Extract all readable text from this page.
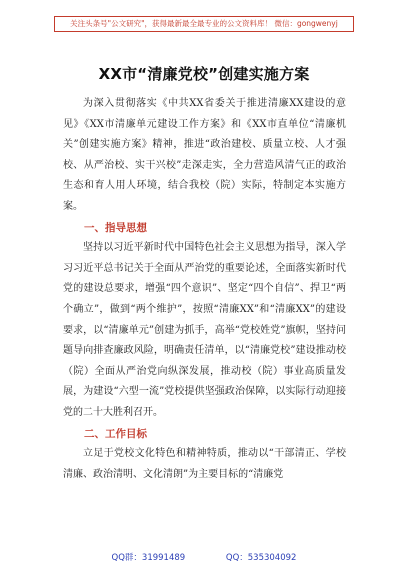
关注头条号"公文研究"，获得最新最全最专业的公文资料库！ 微信：gongwenyj
XX市“清廉党校”创建实施方案

为深入贯彻落实《中共XX省委关于推进清廉XX建设的意见》《XX市清廉单元建设工作方案》和《XX市直单位“清廉机关”创建实施方案》精神，推进“政治建校、质量立校、人才强校、从严治校、实干兴校”走深走实，全力营造风清气正的政治生态和育人用人环境，结合我校（院）实际，特制定本实施方案。

一、指导思想

坚持以习近平新时代中国特色社会主义思想为指导，深入学习习近平总书记关于全面从严治党的重要论述，全面落实新时代党的建设总要求，增强“四个意识”、坚定“四个自信”、捍卫“两个确立”，做到“两个维护”，按照“清廉XX”和“清廉XX”的建设要求，以“清廉单元”创建为抓手，高举“党校姓党”旗帜，坚持问题导向排查廉政风险，明确责任清单，以“清廉党校”建设推动校（院）全面从严治党向纵深发展，推动校（院）事业高质量发展，为建设“六型一流”党校提供坚强政治保障，以实际行动迎接党的二十大胜利召开。

二、工作目标

立足于党校文化特色和精神特质，推动以“干部清正、学校清廉、政治清明、文化清朗”为主要目标的“清廉党

QQ群：31991489	QQ：535304092
